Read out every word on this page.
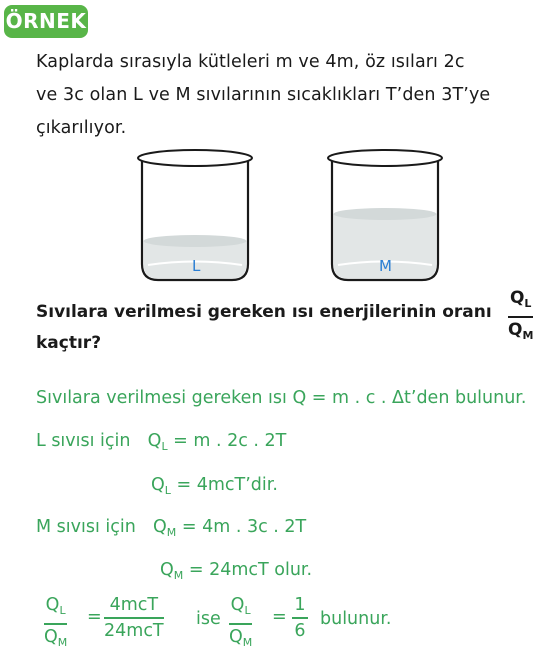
ÖRNEK
Kaplarda sırasıyla kütleleri m ve 4m, öz ısıları 2c
ve 3c olan L ve M sıvılarının sıcaklıkları T’den 3T’ye
çıkarılıyor.
L	M
Sıvılara verilmesi gereken ısı enerjilerinin oranı
kaçtır?
$Q_L$
$Q_M$
Sıvılara verilmesi gereken ısı Q = m . c . Δt’den bulunur.
L sıvısı için $Q_L = m$ . 2c . 2T
$Q_L$ = 4mcT’dir.
M sıvısı için $Q_M = 4m$ . 3c . 2T
$Q_M = 24mcT$ olur.
$Q_L$
$Q_M$
=
4mcT
24mcT
ise
$Q_L$
$Q_M$
=
1
6
bulunur.
